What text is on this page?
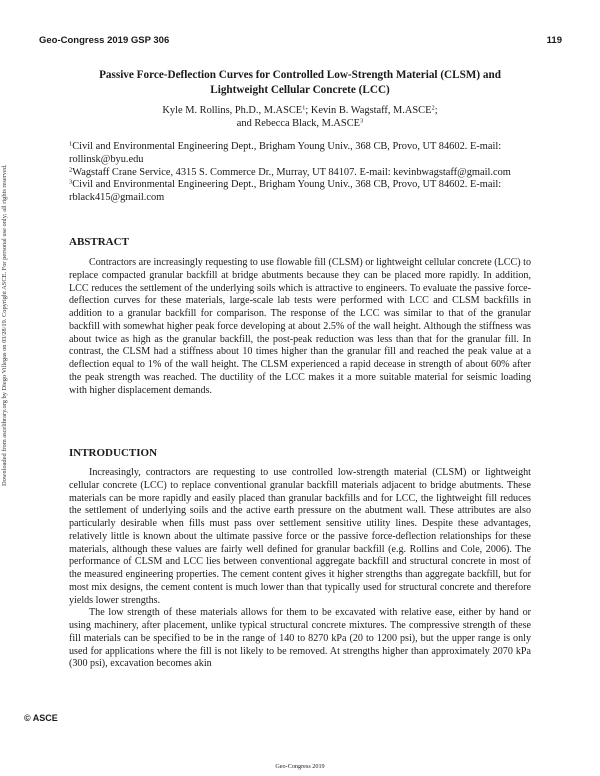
Geo-Congress 2019 GSP 306	119
Downloaded from ascelibrary.org by Diego Villegas on 03/28/19. Copyright ASCE. For personal use only; all rights reserved.
Passive Force-Deflection Curves for Controlled Low-Strength Material (CLSM) and Lightweight Cellular Concrete (LCC)
Kyle M. Rollins, Ph.D., M.ASCE$^1$; Kevin B. Wagstaff, M.ASCE$^2$;
and Rebecca Black, M.ASCE$^3$

$^1$Civil and Environmental Engineering Dept., Brigham Young Univ., 368 CB, Provo, UT 84602. E-mail: rollinsk@byu.edu

$^2$Wagstaff Crane Service, 4315 S. Commerce Dr., Murray, UT 84107. E-mail: kevinbwagstaff@gmail.com

$^3$Civil and Environmental Engineering Dept., Brigham Young Univ., 368 CB, Provo, UT 84602. E-mail: rblack415@gmail.com

ABSTRACT

Contractors are increasingly requesting to use flowable fill (CLSM) or lightweight cellular concrete (LCC) to replace compacted granular backfill at bridge abutments because they can be placed more rapidly. In addition, LCC reduces the settlement of the underlying soils which is attractive to engineers. To evaluate the passive force-deflection curves for these materials, large-scale lab tests were performed with LCC and CLSM backfills in addition to a granular backfill for comparison. The response of the LCC was similar to that of the granular backfill with somewhat higher peak force developing at about 2.5% of the wall height. Although the stiffness was about twice as high as the granular backfill, the post-peak reduction was less than that for the granular fill. In contrast, the CLSM had a stiffness about 10 times higher than the granular fill and reached the peak value at a deflection equal to 1% of the wall height. The CLSM experienced a rapid decease in strength of about 60% after the peak strength was reached. The ductility of the LCC makes it a more suitable material for seismic loading with higher displacement demands.

INTRODUCTION

Increasingly, contractors are requesting to use controlled low-strength material (CLSM) or lightweight cellular concrete (LCC) to replace conventional granular backfill materials adjacent to bridge abutments. These materials can be more rapidly and easily placed than granular backfills and for LCC, the lightweight fill reduces the settlement of underlying soils and the active earth pressure on the abutment wall. These attributes are also particularly desirable when fills must pass over settlement sensitive utility lines. Despite these advantages, relatively little is known about the ultimate passive force or the passive force-deflection relationships for these materials, although these values are fairly well defined for granular backfill (e.g. Rollins and Cole, 2006). The performance of CLSM and LCC lies between conventional aggregate backfill and structural concrete in most of the measured engineering properties. The cement content gives it higher strengths than aggregate backfill, but for most mix designs, the cement content is much lower than that typically used for structural concrete and therefore yields lower strengths.

The low strength of these materials allows for them to be excavated with relative ease, either by hand or using machinery, after placement, unlike typical structural concrete mixtures. The compressive strength of these fill materials can be specified to be in the range of 140 to 8270 kPa (20 to 1200 psi), but the upper range is only used for applications where the fill is not likely to be removed. At strengths higher than approximately 2070 kPa (300 psi), excavation becomes akin

© ASCE
Geo-Congress 2019
